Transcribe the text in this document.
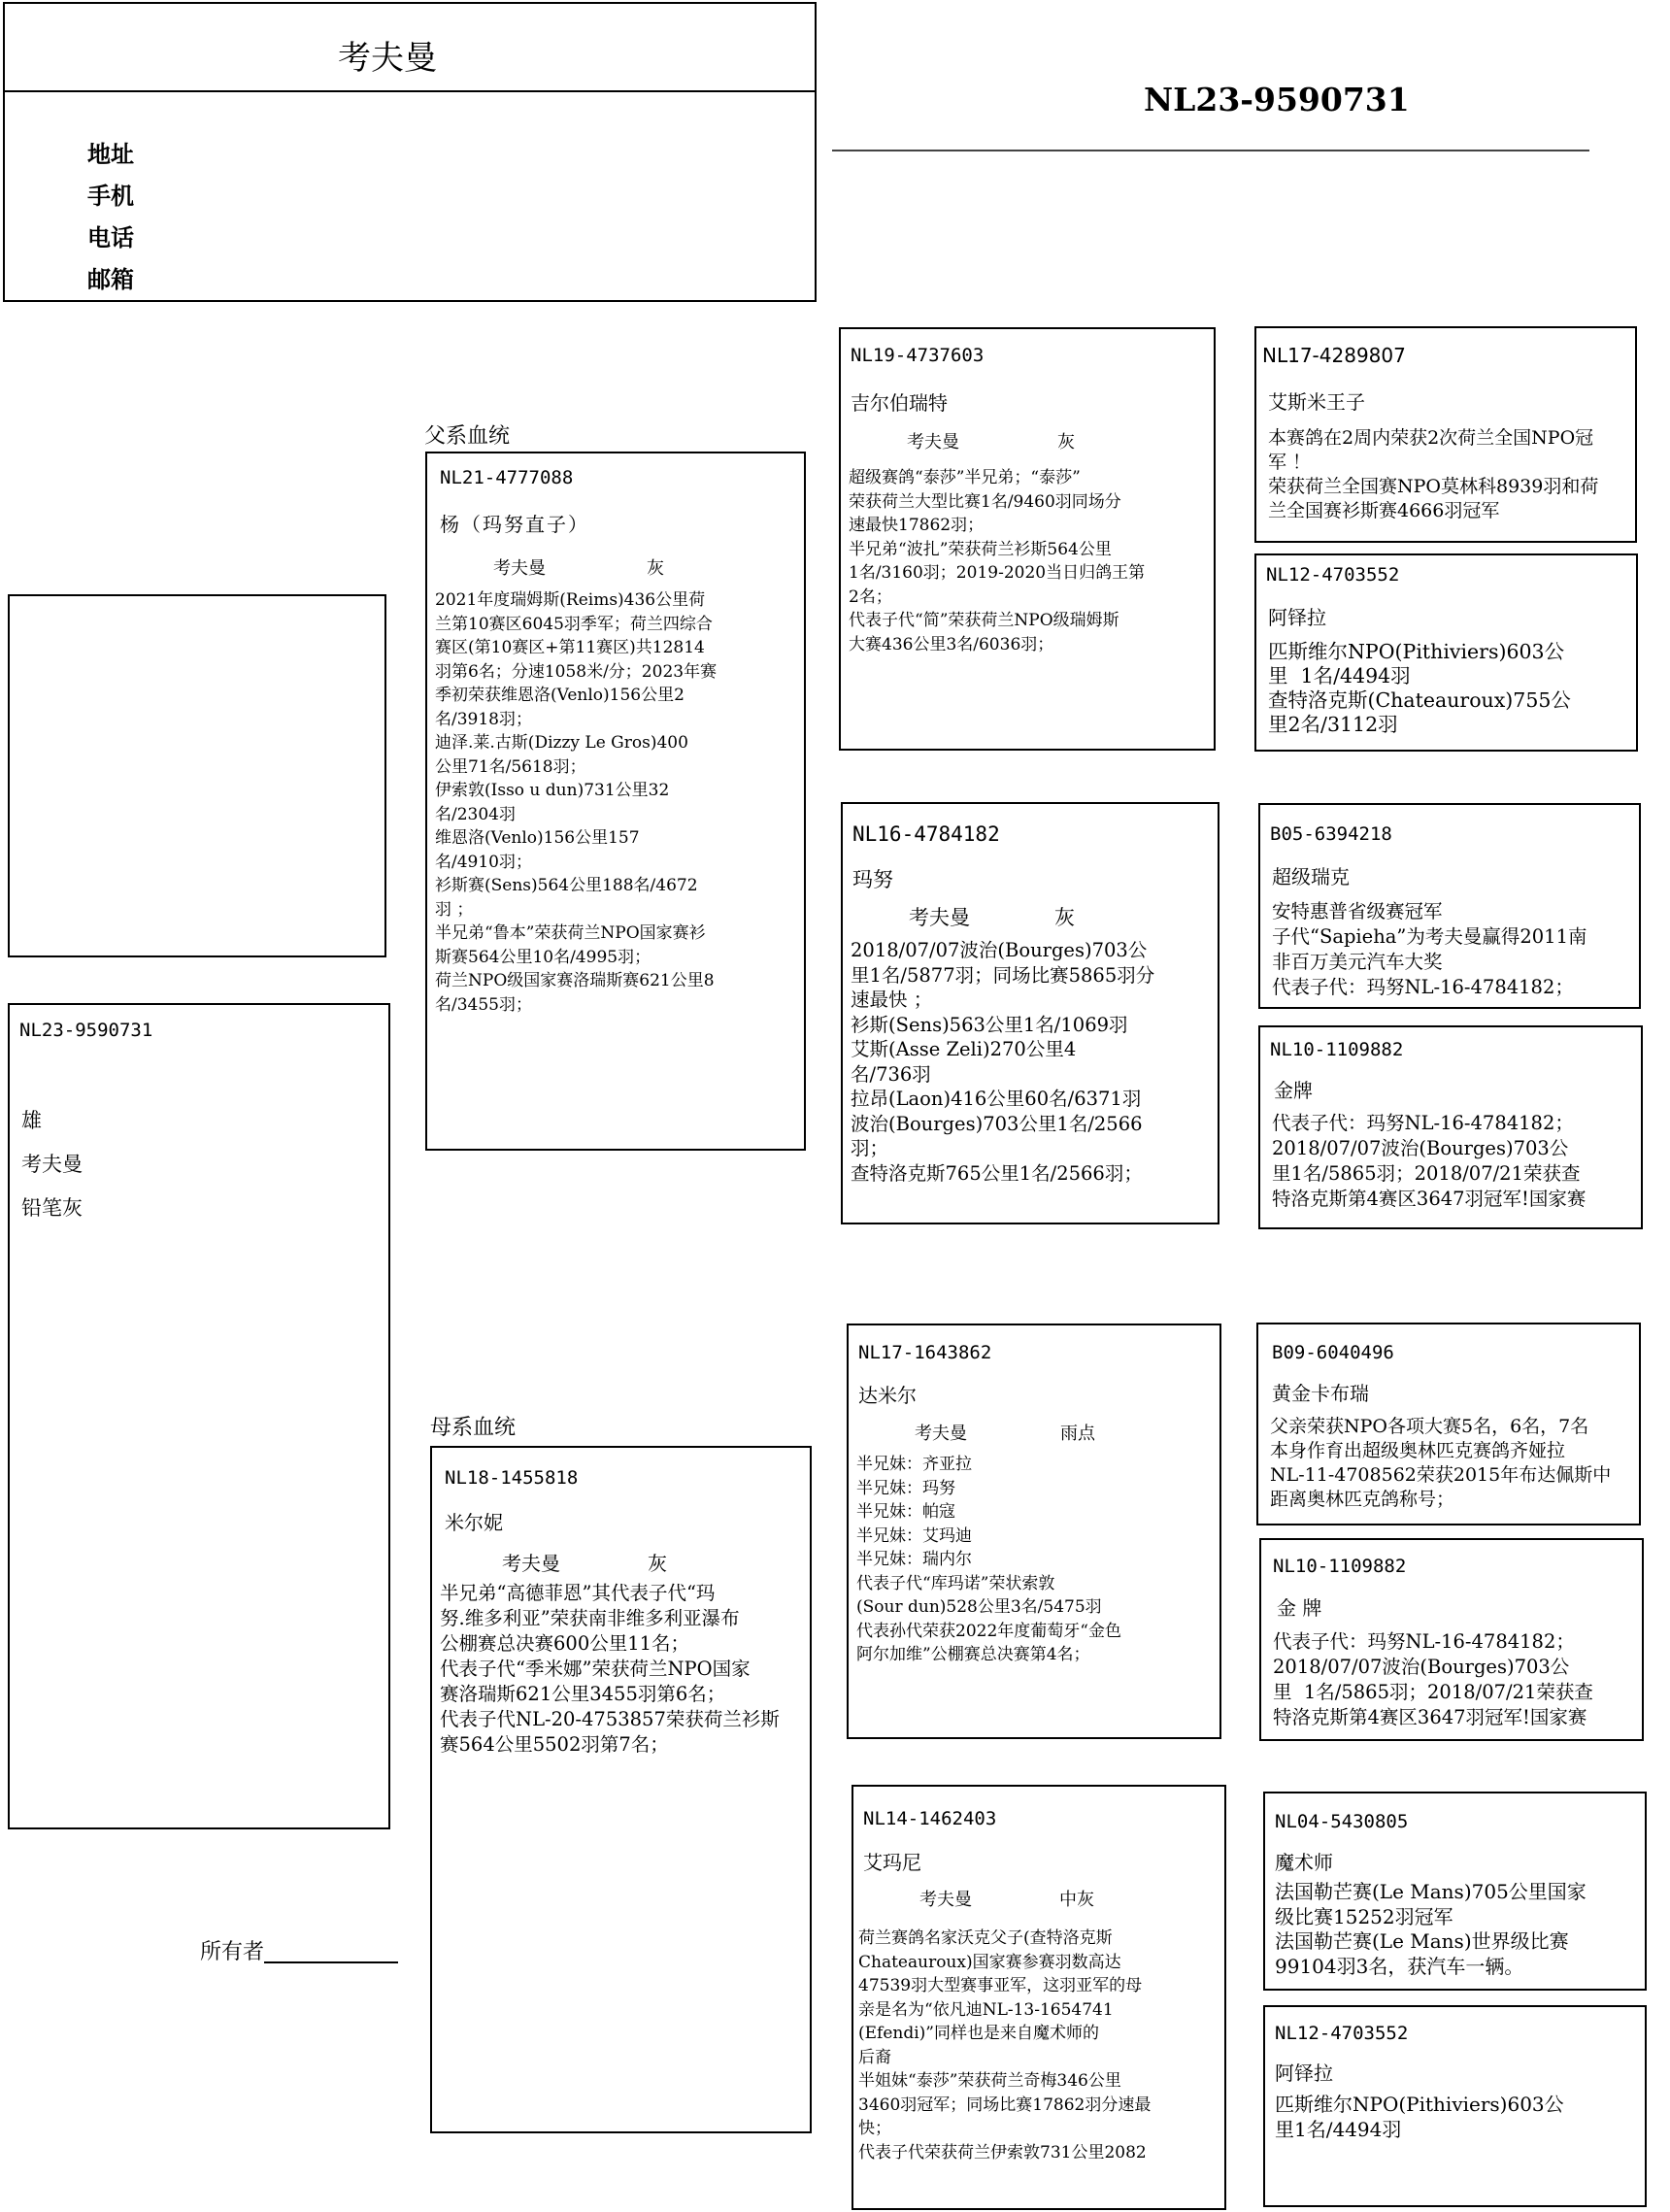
考夫曼
地址
手机
电话
邮箱
NL23-9590731
NL23-9590731
雄
考夫曼
铅笔灰
所有者
父系血统
NL21-4777088
杨（玛努直子）
考夫曼	灰
2021年度瑞姆斯(Reims)436公里荷
兰第10赛区6045羽季军；荷兰四综合
赛区(第10赛区+第11赛区)共12814
羽第6名；分速1058米/分；2023年赛
季初荣获维恩洛(Venlo)156公里2
名/3918羽；
迪泽.莱.古斯(Dizzy Le Gros)400
公里71名/5618羽；
伊索敦(Isso u dun)731公里32
名/2304羽
维恩洛(Venlo)156公里157
名/4910羽；
衫斯赛(Sens)564公里188名/4672
羽 ；
半兄弟“鲁本”荣获荷兰NPO国家赛衫
斯赛564公里10名/4995羽；
荷兰NPO级国家赛洛瑞斯赛621公里8
名/3455羽；
母系血统
NL18-1455818
米尔妮
考夫曼	灰
半兄弟“高德菲恩”其代表子代“玛
努.维多利亚”荣获南非维多利亚瀑布
公棚赛总决赛600公里11名；
代表子代“季米娜”荣获荷兰NPO国家
赛洛瑞斯621公里3455羽第6名；
代表子代NL-20-4753857荣获荷兰衫斯
赛564公里5502羽第7名；
NL19-4737603
吉尔伯瑞特
考夫曼	灰
超级赛鸽“泰莎”半兄弟；“泰莎”
荣获荷兰大型比赛1名/9460羽同场分
速最快17862羽；
半兄弟“波扎”荣获荷兰衫斯564公里
1名/3160羽；2019-2020当日归鸽王第
2名；
代表子代“简”荣获荷兰NPO级瑞姆斯
大赛436公里3名/6036羽；
NL16-4784182
玛努
考夫曼	灰
2018/07/07波治(Bourges)703公
里1名/5877羽；同场比赛5865羽分
速最快 ；
衫斯(Sens)563公里1名/1069羽
艾斯(Asse Zeli)270公里4
名/736羽
拉昂(Laon)416公里60名/6371羽
波治(Bourges)703公里1名/2566
羽；
查特洛克斯765公里1名/2566羽；
NL17-1643862
达米尔
考夫曼	雨点
半兄妹：齐亚拉
半兄妹：玛努
半兄妹：帕寇
半兄妹：艾玛迪
半兄妹：瑞内尔
代表子代“库玛诺”荣状索敦
(Sour dun)528公里3名/5475羽
代表孙代荣获2022年度葡萄牙“金色
阿尔加维”公棚赛总决赛第4名；
NL14-1462403
艾玛尼
考夫曼	中灰
荷兰赛鸽名家沃克父子(查特洛克斯
Chateauroux)国家赛参赛羽数高达
47539羽大型赛事亚军，这羽亚军的母
亲是名为“依凡迪NL-13-1654741
(Efendi)”同样也是来自魔术师的
后裔
半姐妹“泰莎”荣获荷兰奇梅346公里
3460羽冠军；同场比赛17862羽分速最
快；
代表子代荣获荷兰伊索敦731公里2082
NL17-4289807
艾斯米王子
本赛鸽在2周内荣获2次荷兰全国NPO冠
军 ！
荣获荷兰全国赛NPO莫林科8939羽和荷
兰全国赛衫斯赛4666羽冠军
NL12-4703552
阿铎拉
匹斯维尔NPO(Pithiviers)603公
里  1名/4494羽
查特洛克斯(Chateauroux)755公
里2名/3112羽
B05-6394218
超级瑞克
安特惠普省级赛冠军
子代“Sapieha”为考夫曼赢得2011南
非百万美元汽车大奖
代表子代：玛努NL-16-4784182；
NL10-1109882
金牌
代表子代：玛努NL-16-4784182；
2018/07/07波治(Bourges)703公
里1名/5865羽；2018/07/21荣获查
特洛克斯第4赛区3647羽冠军!国家赛
B09-6040496
黄金卡布瑞
父亲荣获NPO各项大赛5名，6名，7名
本身作育出超级奥林匹克赛鸽齐娅拉
NL-11-4708562荣获2015年布达佩斯中
距离奥林匹克鸽称号；
NL10-1109882
金 牌
代表子代：玛努NL-16-4784182；
2018/07/07波治(Bourges)703公
里  1名/5865羽；2018/07/21荣获查
特洛克斯第4赛区3647羽冠军!国家赛
NL04-5430805
魔术师
法国勒芒赛(Le Mans)705公里国家
级比赛15252羽冠军
法国勒芒赛(Le Mans)世界级比赛
99104羽3名，获汽车一辆。
NL12-4703552
阿铎拉
匹斯维尔NPO(Pithiviers)603公
里1名/4494羽
